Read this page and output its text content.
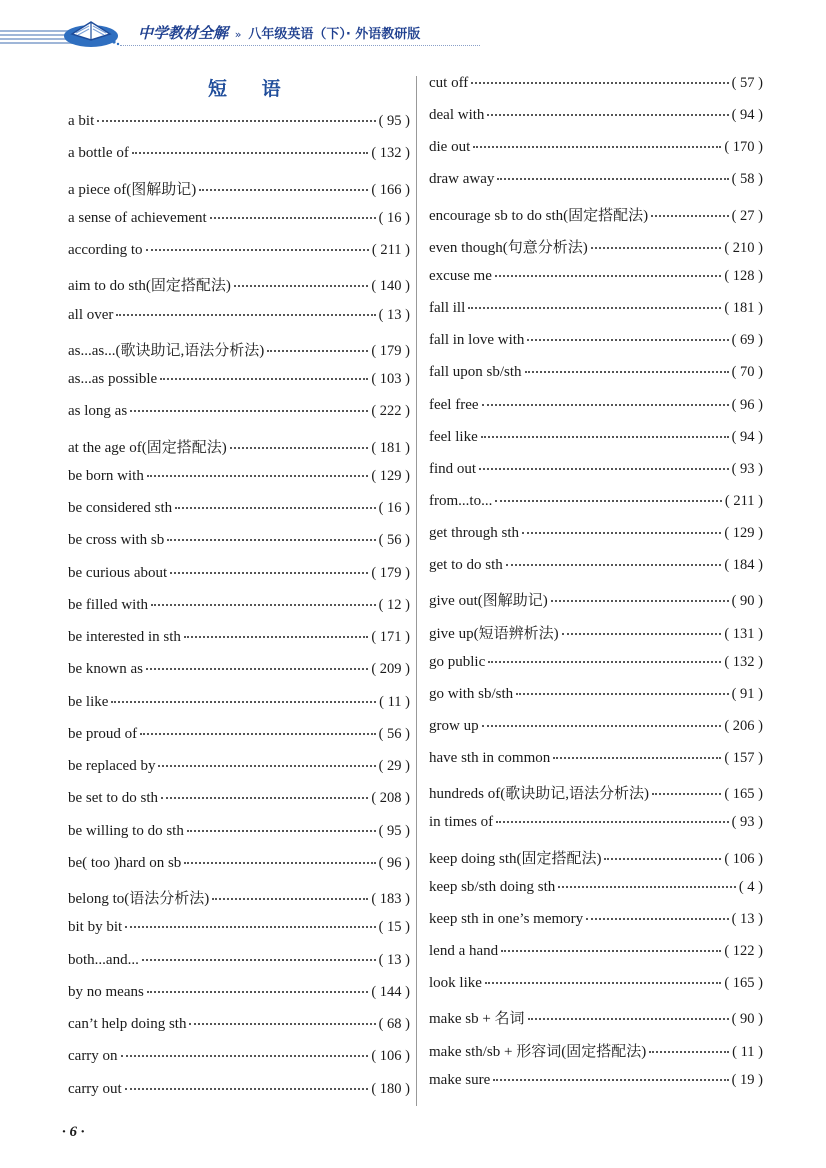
中学教材全解 » 八年级英语（下）· 外语教研版
短 语
a bit	( 95 )
a bottle of	( 132 )
a piece of(图解助记)	( 166 )
a sense of achievement	( 16 )
according to	( 211 )
aim to do sth(固定搭配法)	( 140 )
all over	( 13 )
as...as...(歌诀助记,语法分析法)	( 179 )
as...as possible	( 103 )
as long as	( 222 )
at the age of(固定搭配法)	( 181 )
be born with	( 129 )
be considered sth	( 16 )
be cross with sb	( 56 )
be curious about	( 179 )
be filled with	( 12 )
be interested in sth	( 171 )
be known as	( 209 )
be like	( 11 )
be proud of	( 56 )
be replaced by	( 29 )
be set to do sth	( 208 )
be willing to do sth	( 95 )
be( too )hard on sb	( 96 )
belong to(语法分析法)	( 183 )
bit by bit	( 15 )
both...and...	( 13 )
by no means	( 144 )
can’t help doing sth	( 68 )
carry on	( 106 )
carry out	( 180 )
cut off	( 57 )
deal with	( 94 )
die out	( 170 )
draw away	( 58 )
encourage sb to do sth(固定搭配法)	( 27 )
even though(句意分析法)	( 210 )
excuse me	( 128 )
fall ill	( 181 )
fall in love with	( 69 )
fall upon sb/sth	( 70 )
feel free	( 96 )
feel like	( 94 )
find out	( 93 )
from...to...	( 211 )
get through sth	( 129 )
get to do sth	( 184 )
give out(图解助记)	( 90 )
give up(短语辨析法)	( 131 )
go public	( 132 )
go with sb/sth	( 91 )
grow up	( 206 )
have sth in common	( 157 )
hundreds of(歌诀助记,语法分析法)	( 165 )
in times of	( 93 )
keep doing sth(固定搭配法)	( 106 )
keep sb/sth doing sth	( 4 )
keep sth in one’s memory	( 13 )
lend a hand	( 122 )
look like	( 165 )
make sb + 名词	( 90 )
make sth/sb + 形容词(固定搭配法)	( 11 )
make sure	( 19 )
· 6 ·
